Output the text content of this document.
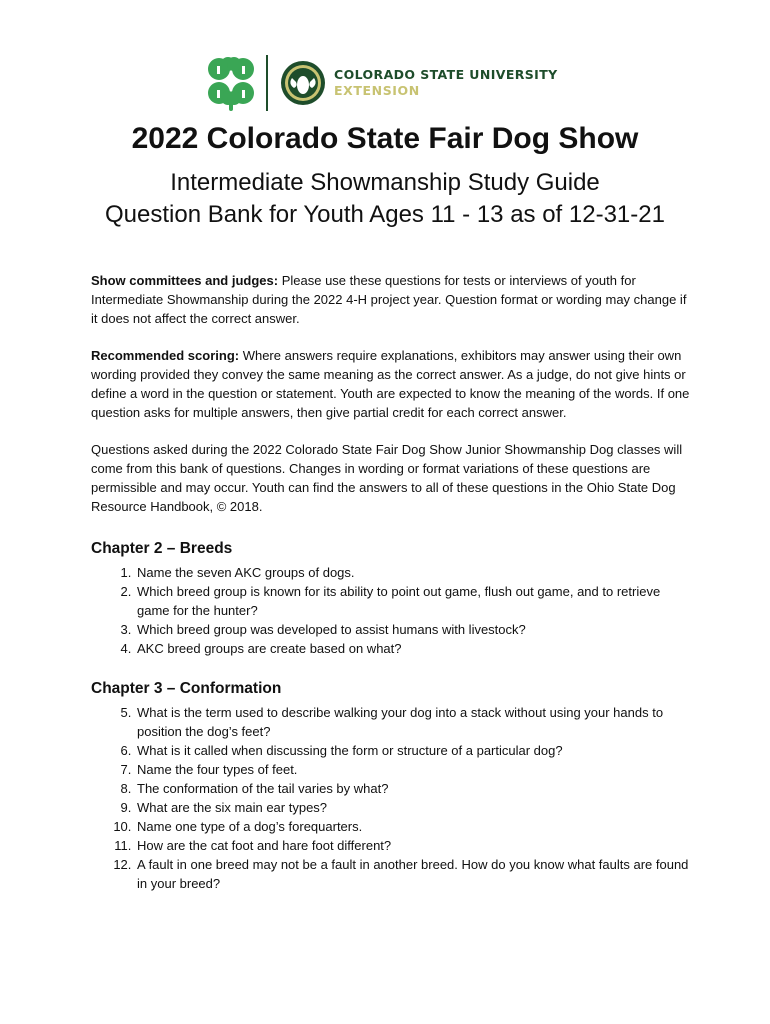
COLORADO STATE UNIVERSITY
EXTENSION
2022 Colorado State Fair Dog Show
Intermediate Showmanship Study Guide
Question Bank for Youth Ages 11 - 13 as of 12-31-21

Show committees and judges: Please use these questions for tests or interviews of youth for Intermediate Showmanship during the 2022 4-H project year. Question format or wording may change if it does not affect the correct answer.

Recommended scoring: Where answers require explanations, exhibitors may answer using their own wording provided they convey the same meaning as the correct answer. As a judge, do not give hints or define a word in the question or statement. Youth are expected to know the meaning of the words. If one question asks for multiple answers, then give partial credit for each correct answer.

Questions asked during the 2022 Colorado State Fair Dog Show Junior Showmanship Dog classes will come from this bank of questions. Changes in wording or format variations of these questions are permissible and may occur. Youth can find the answers to all of these questions in the Ohio State Dog Resource Handbook, © 2018.

Chapter 2 – Breeds
1. Name the seven AKC groups of dogs.
2. Which breed group is known for its ability to point out game, flush out game, and to retrieve game for the hunter?
3. Which breed group was developed to assist humans with livestock?
4. AKC breed groups are create based on what?
Chapter 3 – Conformation
5. What is the term used to describe walking your dog into a stack without using your hands to position the dog’s feet?
6. What is it called when discussing the form or structure of a particular dog?
7. Name the four types of feet.
8. The conformation of the tail varies by what?
9. What are the six main ear types?
10. Name one type of a dog’s forequarters.
11. How are the cat foot and hare foot different?
12. A fault in one breed may not be a fault in another breed. How do you know what faults are found in your breed?
